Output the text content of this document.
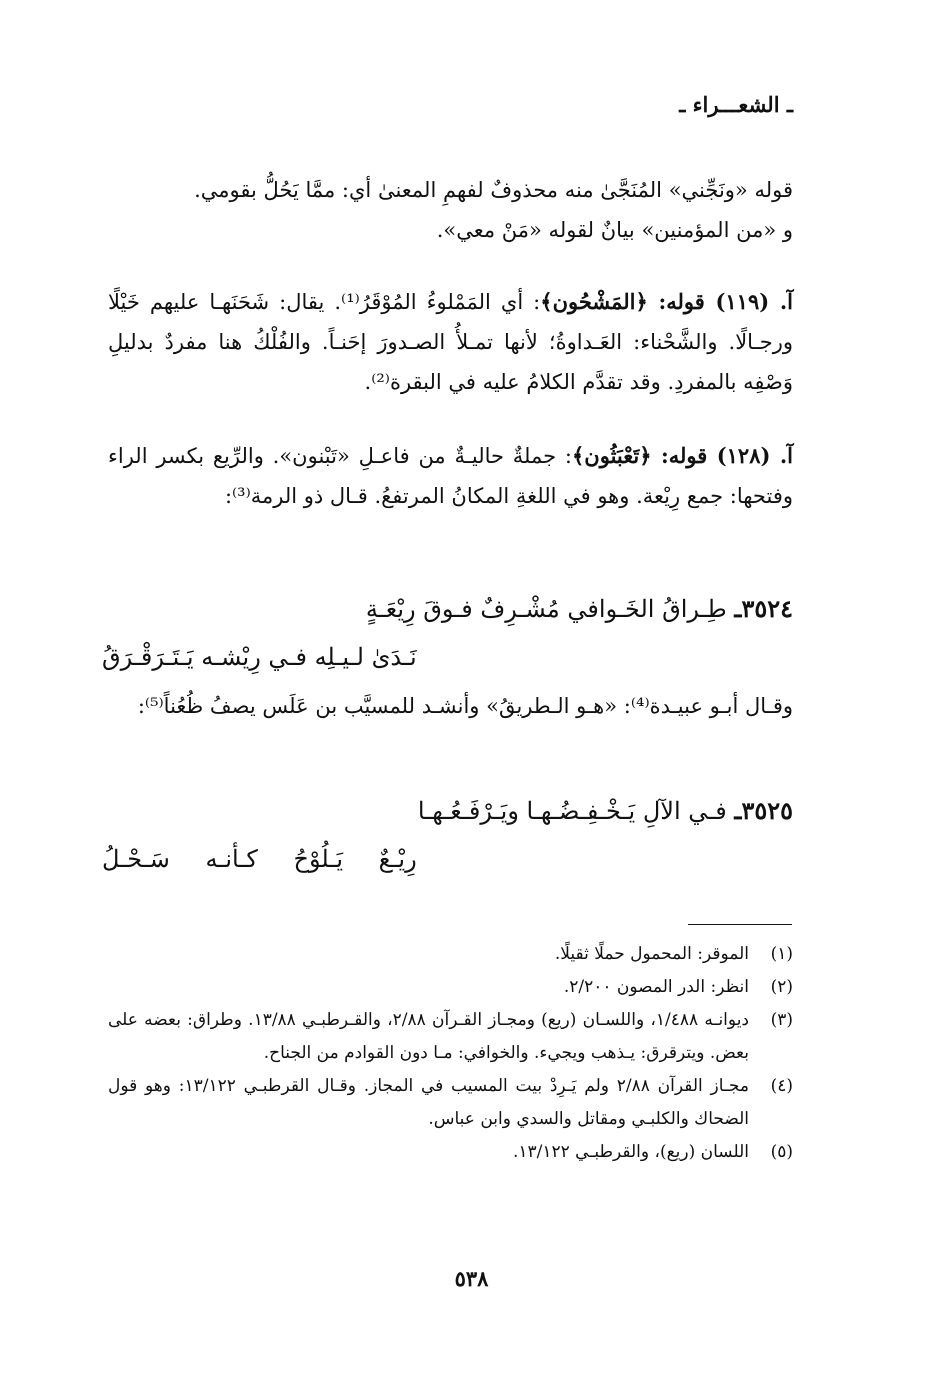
ـ الشعـــراء ـ
قوله «ونَجِّني» المُنَجَّىٰ منه محذوفٌ لفهمِ المعنىٰ أي: ممَّا يَحُلُّ بقومي.
و «من المؤمنين» بيانٌ لقوله «مَنْ معي».
آ. (١١٩) قوله: ﴿المَشْحُون﴾: أي المَمْلوءُ المُوْقَرُ⁽¹⁾. يقال: شَحَنَهـا عليهم خَيْلًا ورجـالًا. والشَّحْناء: العَـداوةُ؛ لأنها تمـلأُ الصـدورَ إحَنـاً. والفُلْكُ هنا مفردٌ بدليلِ وَصْفِه بالمفردِ. وقد تقدَّم الكلامُ عليه في البقرة⁽²⁾.
آ. (١٢٨) قوله: ﴿تَعْبَثُون﴾: جملةٌ حاليـةٌ من فاعـلِ «تَبْنون». والرِّيع بكسر الراء وفتحها: جمع رِيْعة. وهو في اللغةِ المكانُ المرتفعُ. قـال ذو الرمة⁽³⁾:
٣٥٢٤ـ طِـراقُ الخَـوافي مُشْـرِفٌ فـوقَ رِيْعَـةٍ
نَـدَىٰ لـيـلِه فـي رِيْشـه يَـتَـرَقْـرَقُ
وقـال أبـو عبيـدة⁽⁴⁾: «هـو الـطريقُ» وأنشـد للمسيَّب بن عَلَس يصفُ ظُعُناً⁽⁵⁾:
٣٥٢٥ـ فـي الآلِ يَـخْـفِـضُـهـا ويَـرْفَـعُـهـا
رِيْـعٌ يَـلُوْحُ كـأنـه سَـحْـلُ
(١)
الموقر: المحمول حملًا ثقيلًا.
(٢)
انظر: الدر المصون ٢/٢٠٠.
(٣)
ديوانـه ١/٤٨٨، واللسـان (ريع) ومجـاز القـرآن ٢/٨٨، والقـرطبـي ١٣/٨٨. وطراق: بعضه على بعض. ويترقرق: يـذهب ويجيء. والخوافي: مـا دون القوادم من الجناح.
(٤)
مجـاز القرآن ٢/٨٨ ولم يَـرِدْ بيت المسيب في المجاز. وقـال القرطبـي ١٣/١٢٢: وهو قول الضحاك والكلبـي ومقاتل والسدي وابن عباس.
(٥)
اللسان (ريع)، والقرطبـي ١٣/١٢٢.
٥٣٨
